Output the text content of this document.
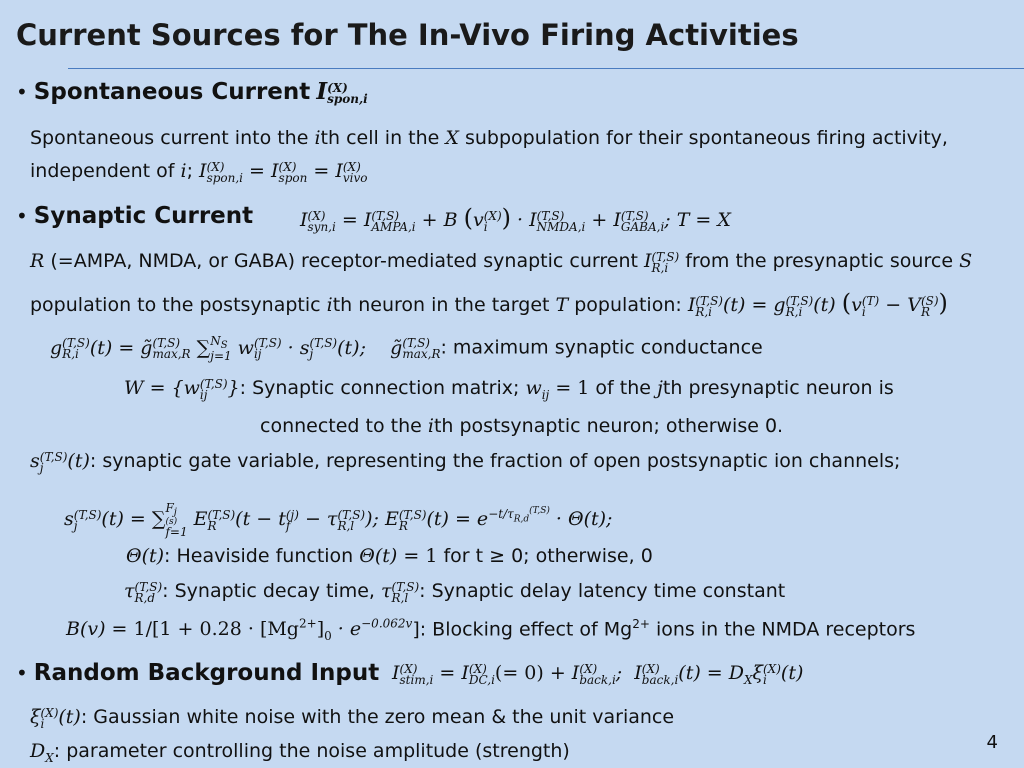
Current Sources for The In-Vivo Firing Activities
• Spontaneous Current I (X)
spon,i
Spontaneous current into the ith cell in the X subpopulation for their spontaneous firing activity,
independent of i; I (X)
spon,i = I (X)
spon = I (X)
vivo
• Synaptic Current I (X)
syn,i = I (T,S)
AMPA,i + B (v (X)
i ) · I (T,S)
NMDA,i + I (T,S)
GABA,i ; T = X
R (=AMPA, NMDA, or GABA) receptor-mediated synaptic current I (T,S)
R,i from the presynaptic source S
population to the postsynaptic ith neuron in the target T population: I (T,S)
R,i (t) = g (T,S)
R,i (t) (v (T)
i − V (S)
R )
g (T,S)
R,i (t) = g̃ (T,S)
max,R ∑ $N_S$
j=1 w (T,S)
ij	· s (T,S)
j	(t); g̃ (T,S)
max,R : maximum synaptic conductance
W = {w (T,S)
ij	}: Synaptic connection matrix; $w_{ij} = 1$ of the jth presynaptic neuron is
connected to the ith postsynaptic neuron; otherwise 0.
s (T,S)
j	(t): synaptic gate variable, representing the fraction of open postsynaptic ion channels;
s (T,S)
j	(t) = ∑
$F_j$
(s)
f=1
E (T,S)
R (t − t (j)
f − τ (T,S)
R,l ); E (T,S)
R $(t) = e^{-t/\tau_{R,d}^{(T,S)}} \cdot \Theta(t)$;
Θ(t): Heaviside function Θ(t) = 1 for t ≥ 0; otherwise, 0
τ (T,S)
R,d : Synaptic decay time, τ (T,S)
R,l : Synaptic delay latency time constant
$B(v) = 1/[1 + 0.28 \cdot [Mg^{2+}]_0 \cdot e^{-0.062v}]$: Blocking effect of $Mg^{2+}$ ions in the NMDA receptors
• Random Background Input I (X)
stim,i = I (X)
DC,i (= 0) + I (X)
back,i ;  I (X)
back,i $(t) = D_X\xi$ (X)
i (t)
ξ (X)
i (t): Gaussian white noise with the zero mean & the unit variance
$D_X$: parameter controlling the noise amplitude (strength)	4
